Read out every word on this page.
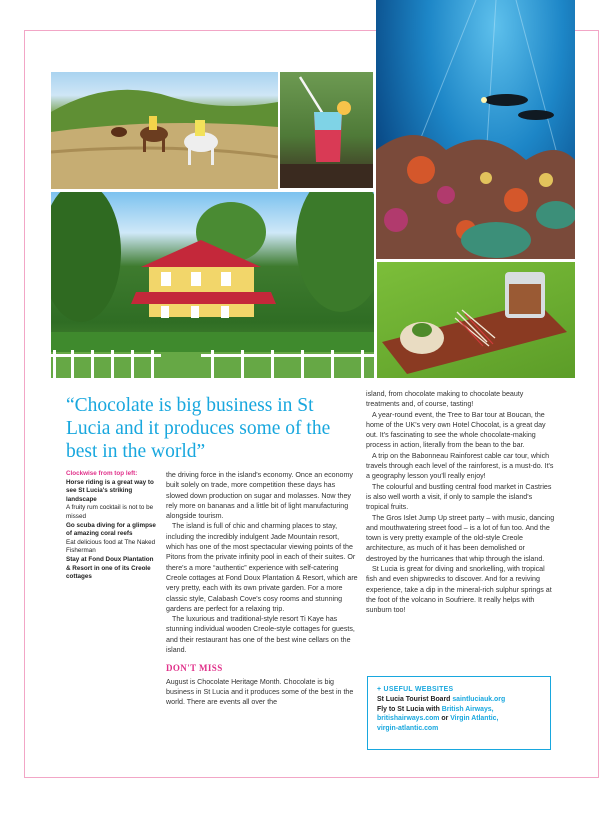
“Chocolate is big business in St Lucia and it produces some of the best in the world”

Clockwise from top left:
Horse riding is a great way to see St Lucia's striking landscape
A fruity rum cocktail is not to be missed
Go scuba diving for a glimpse of amazing coral reefs
Eat delicious food at The Naked Fisherman
Stay at Fond Doux Plantation & Resort in one of its Creole cottages

the driving force in the island's economy. Once an economy built solely on trade, more competition these days has slowed down production on sugar and molasses. Now they rely more on bananas and a little bit of light manufacturing alongside tourism.

The island is full of chic and charming places to stay, including the incredibly indulgent Jade Mountain resort, which has one of the most spectacular viewing points of the Pitons from the private infinity pool in each of their suites. Or there's a more “authentic” experience with self-catering Creole cottages at Fond Doux Plantation & Resort, which are very pretty, each with its own private garden. For a more classic style, Calabash Cove's cosy rooms and stunning gardens are perfect for a relaxing trip.

The luxurious and traditional-style resort Ti Kaye has stunning individual wooden Creole-style cottages for guests, and their restaurant has one of the best wine cellars on the island.

DON'T MISS

August is Chocolate Heritage Month. Chocolate is big business in St Lucia and it produces some of the best in the world. There are events all over the

island, from chocolate making to chocolate beauty treatments and, of course, tasting!

A year-round event, the Tree to Bar tour at Boucan, the home of the UK's very own Hotel Chocolat, is a great day out. It's fascinating to see the whole chocolate-making process in action, literally from the bean to the bar.

A trip on the Babonneau Rainforest cable car tour, which travels through each level of the rainforest, is a must-do. It's a geography lesson you'll really enjoy!

The colourful and bustling central food market in Castries is also well worth a visit, if only to sample the island's tropical fruits.

The Gros Islet Jump Up street party – with music, dancing and mouthwatering street food – is a lot of fun too. And the town is very pretty example of the old-style Creole architecture, as much of it has been demolished or destroyed by the hurricanes that whip through the island.

St Lucia is great for diving and snorkelling, with tropical fish and even shipwrecks to discover. And for a reviving experience, take a dip in the mineral-rich sulphur springs at the foot of the volcano in Soufriere. It really helps with sunburn too!

+ USEFUL WEBSITES
St Lucia Tourist Board saintluciauk.org
Fly to St Lucia with British Airways,
britishairways.com or Virgin Atlantic,
virgin-atlantic.com
